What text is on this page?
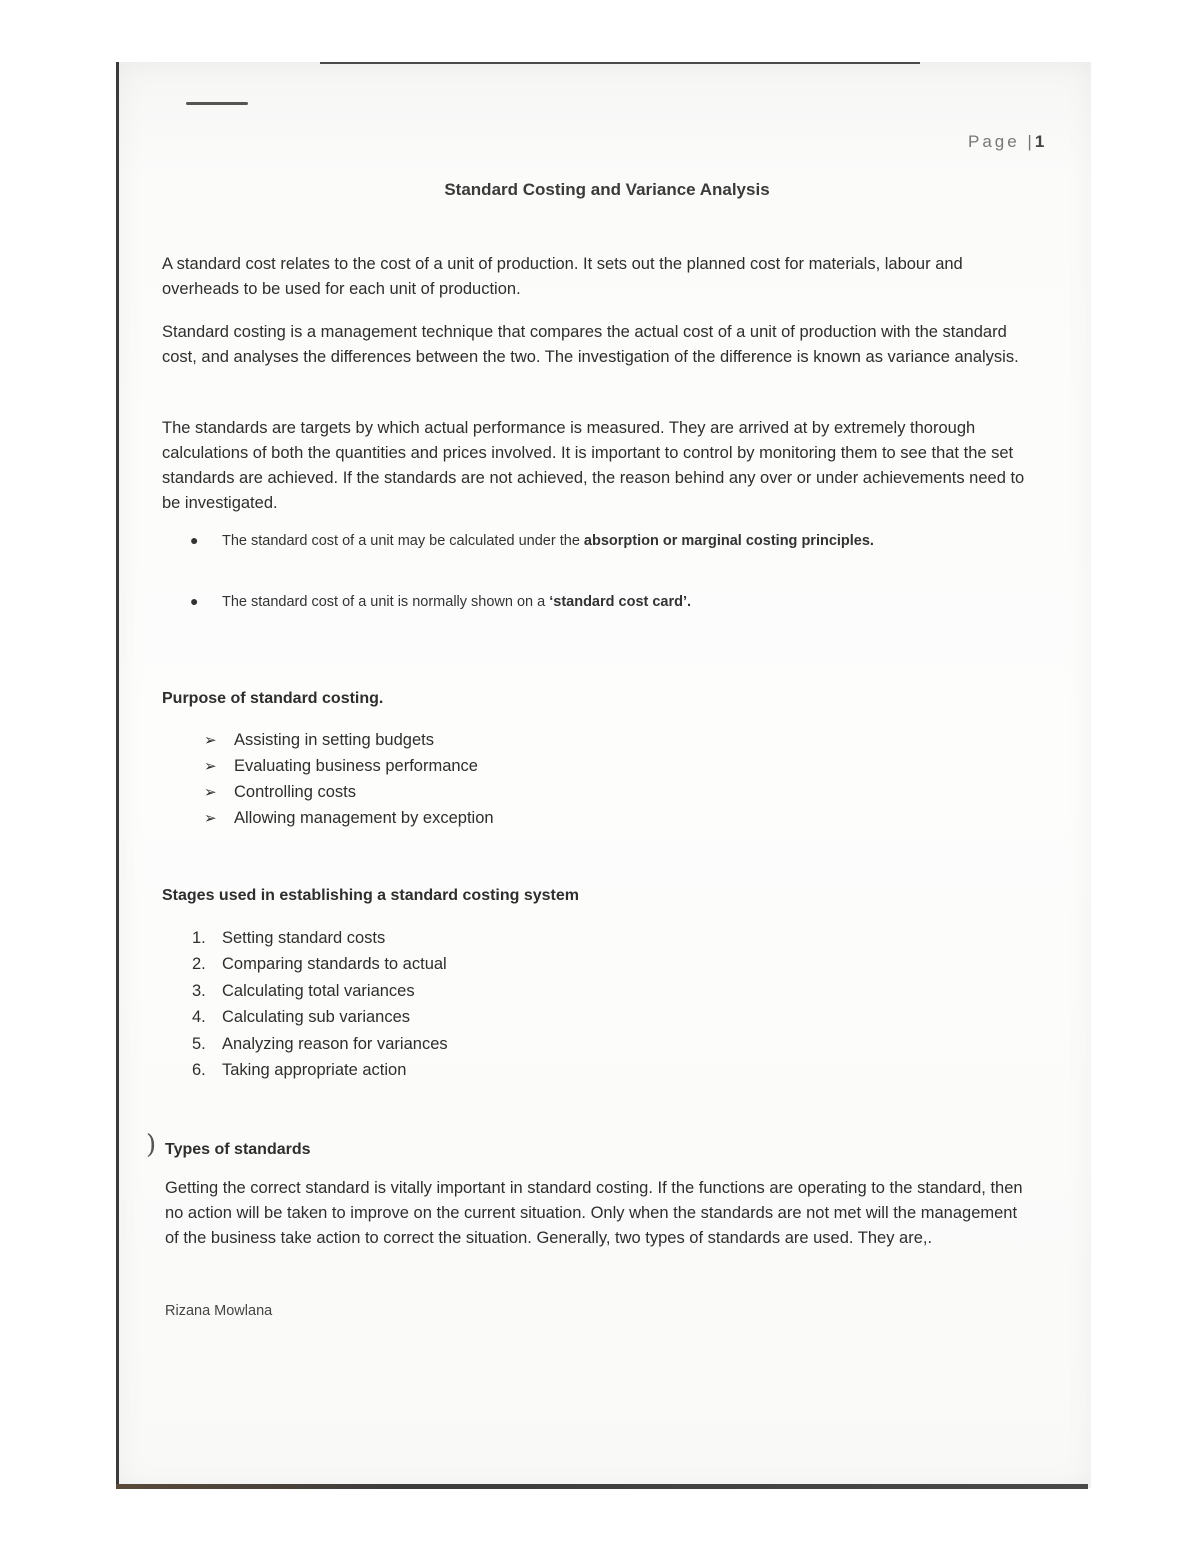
Page |1
Standard Costing and Variance Analysis

A standard cost relates to the cost of a unit of production. It sets out the planned cost for materials, labour and overheads to be used for each unit of production.

Standard costing is a management technique that compares the actual cost of a unit of production with the standard cost, and analyses the differences between the two. The investigation of the difference is known as variance analysis.

The standards are targets by which actual performance is measured. They are arrived at by extremely thorough calculations of both the quantities and prices involved. It is important to control by monitoring them to see that the set standards are achieved. If the standards are not achieved, the reason behind any over or under achievements need to be investigated.

● The standard cost of a unit may be calculated under the absorption or marginal costing principles.
● The standard cost of a unit is normally shown on a ‘standard cost card’.
Purpose of standard costing.
➢ Assisting in setting budgets
➢ Evaluating business performance
➢ Controlling costs
➢ Allowing management by exception
Stages used in establishing a standard costing system
1. Setting standard costs
2. Comparing standards to actual
3. Calculating total variances
4. Calculating sub variances
5. Analyzing reason for variances
6. Taking appropriate action
) Types of standards

Getting the correct standard is vitally important in standard costing. If the functions are operating to the standard, then no action will be taken to improve on the current situation. Only when the standards are not met will the management of the business take action to correct the situation. Generally, two types of standards are used. They are,.

Rizana Mowlana
